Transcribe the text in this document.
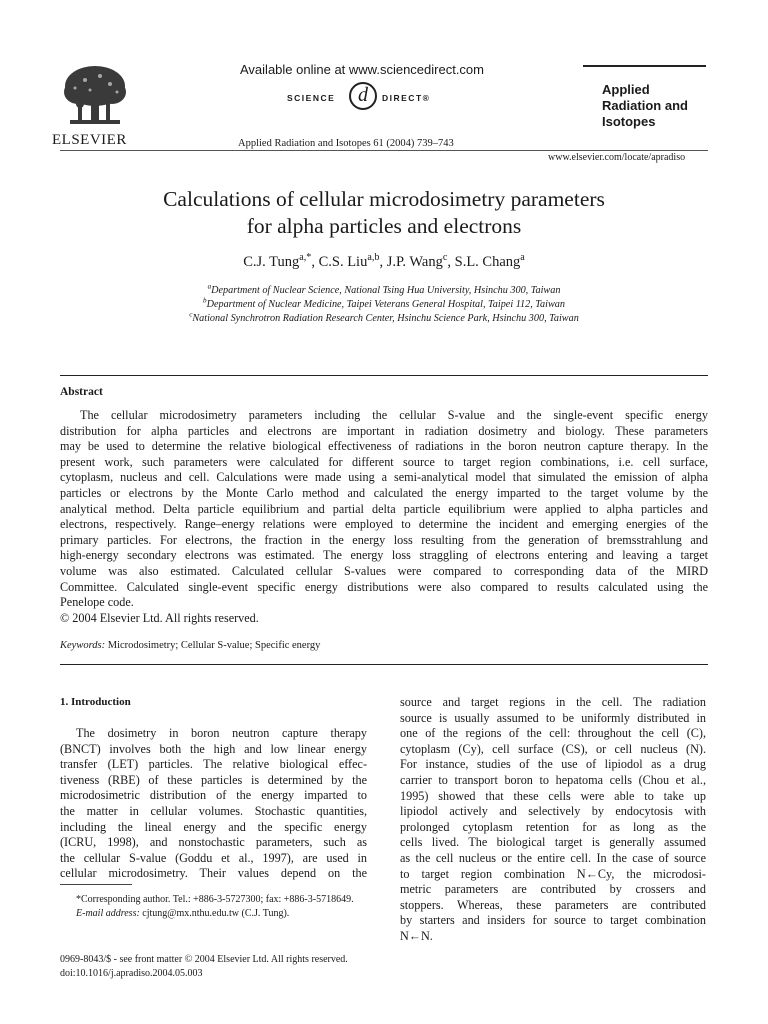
ELSEVIER
Available online at www.sciencedirect.com
SCIENCE	d	DIRECT®
Applied Radiation and Isotopes 61 (2004) 739–743
Applied
Radiation and
Isotopes
www.elsevier.com/locate/apradiso
Calculations of cellular microdosimetry parameters
for alpha particles and electrons
C.J. Tung$^{a,*}$, C.S. Liu$^{a,b}$, J.P. Wang$^c$, S.L. Chang$^a$
$^a$Department of Nuclear Science, National Tsing Hua University, Hsinchu 300, Taiwan
$^b$Department of Nuclear Medicine, Taipei Veterans General Hospital, Taipei 112, Taiwan
$^c$National Synchrotron Radiation Research Center, Hsinchu Science Park, Hsinchu 300, Taiwan
Abstract
The cellular microdosimetry parameters including the cellular S-value and the single-event specific energy
distribution for alpha particles and electrons are important in radiation dosimetry and biology. These parameters
may be used to determine the relative biological effectiveness of radiations in the boron neutron capture therapy. In the
present work, such parameters were calculated for different source to target region combinations, i.e. cell surface,
cytoplasm, nucleus and cell. Calculations were made using a semi-analytical model that simulated the emission of alpha
particles or electrons by the Monte Carlo method and calculated the energy imparted to the target volume by the
analytical method. Delta particle equilibrium and partial delta particle equilibrium were applied to alpha particles and
electrons, respectively. Range–energy relations were employed to determine the incident and emerging energies of the
primary particles. For electrons, the fraction in the energy loss resulting from the generation of bremsstrahlung and
high-energy secondary electrons was estimated. The energy loss straggling of electrons entering and leaving a target
volume was also estimated. Calculated cellular S-values were compared to corresponding data of the MIRD
Committee. Calculated single-event specific energy distributions were also compared to results calculated using the
Penelope code.
© 2004 Elsevier Ltd. All rights reserved.
Keywords: Microdosimetry; Cellular S-value; Specific energy
1. Introduction
The dosimetry in boron neutron capture therapy
(BNCT) involves both the high and low linear energy
transfer (LET) particles. The relative biological effec-
tiveness (RBE) of these particles is determined by the
microdosimetric distribution of the energy imparted to
the matter in cellular volumes. Stochastic quantities,
including the lineal energy and the specific energy
(ICRU, 1998), and nonstochastic parameters, such as
the cellular S-value (Goddu et al., 1997), are used in
cellular microdosimetry. Their values depend on the
source and target regions in the cell. The radiation
source is usually assumed to be uniformly distributed in
one of the regions of the cell: throughout the cell (C),
cytoplasm (Cy), cell surface (CS), or cell nucleus (N).
For instance, studies of the use of lipiodol as a drug
carrier to transport boron to hepatoma cells (Chou et al.,
1995) showed that these cells were able to take up
lipiodol actively and selectively by endocytosis with
prolonged cytoplasm retention for as long as the
cells lived. The biological target is generally assumed
as the cell nucleus or the entire cell. In the case of source
to target region combination N←Cy, the microdosi-
metric parameters are contributed by crossers and
stoppers. Whereas, these parameters are contributed
by starters and insiders for source to target combination
N←N.
*Corresponding author. Tel.: +886-3-5727300; fax: +886-3-5718649.
E-mail address: cjtung@mx.nthu.edu.tw (C.J. Tung).
0969-8043/$ - see front matter © 2004 Elsevier Ltd. All rights reserved.
doi:10.1016/j.apradiso.2004.05.003
